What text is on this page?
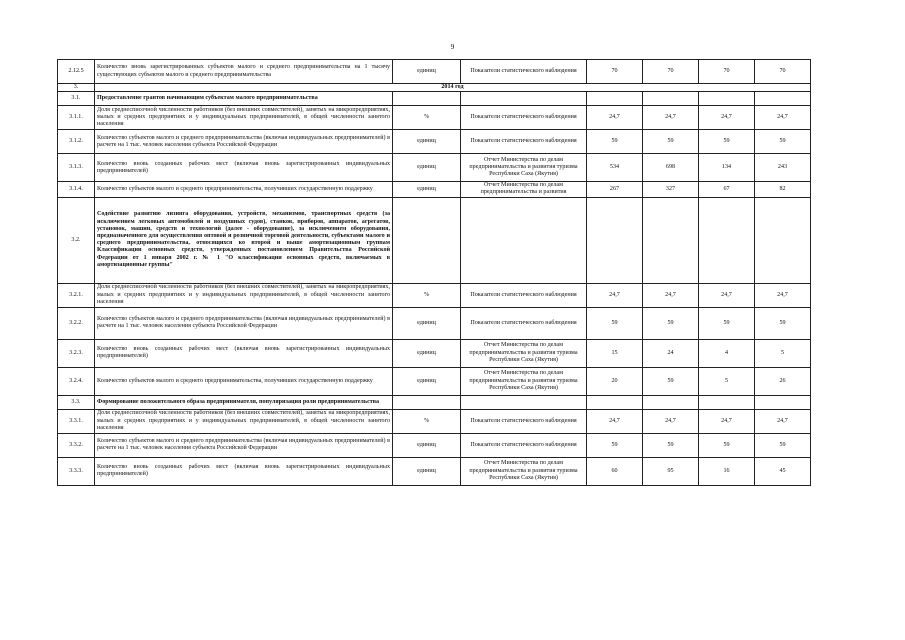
9
2.12.5	Количество вновь зарегистрированных субъектов малого и среднего предпринимательства на 1 тысячу существующих субъектов малого и среднего предпринимательства	единиц	Показатели статистического наблюдения	70	70	70	70
3.	2014 год						
3.1.	Предоставление грантов начинающим субъектам малого предпринимательства						
3.1.1.	Доля среднесписочной численности работников (без внешних совместителей), занятых на микропредприятиях, малых и средних предприятиях и у индивидуальных предпринимателей, в общей численности занятого населения	%	Показатели статистического наблюдения	24,7	24,7	24,7	24,7
3.1.2.	Количество субъектов малого и среднего предпринимательства (включая индивидуальных предпринимателей) в расчете на 1 тыс. человек населения субъекта Российской Федерации	единиц	Показатели статистического наблюдения	59	59	59	59
3.1.3.	Количество вновь созданных рабочих мест (включая вновь зарегистрированных индивидуальных предпринимателей)	единиц	Отчет Министерства по делам предпринимательства и развития туризма Республики Саха (Якутия)	534	698	134	243
3.1.4.	Количество субъектов малого и среднего предпринимательства, получивших государственную поддержку	единиц	Отчет Министерства по делам предпринимательства и развития	267	327	67	82
3.2.	Содействие развитию лизинга оборудования, устройств, механизмов, транспортных средств (за исключением легковых автомобилей и воздушных судов), станков, приборов, аппаратов, агрегатов, установок, машин, средств и технологий (далее - оборудование), за исключением оборудования, предназначенного для осуществления оптовой и розничной торговой деятельности, субъектами малого и среднего предпринимательства, относящихся ко второй и выше амортизационным группам Классификации основных средств, утвержденных постановлением Правительства Российской Федерации от 1 января 2002 г. № 1 "О классификации основных средств, включаемых в амортизационные группы"						
3.2.1.	Доля среднесписочной численности работников (без внешних совместителей), занятых на микропредприятиях, малых и средних предприятиях и у индивидуальных предпринимателей, в общей численности занятого населения	%	Показатели статистического наблюдения	24,7	24,7	24,7	24,7
3.2.2.	Количество субъектов малого и среднего предпринимательства (включая индивидуальных предпринимателей) в расчете на 1 тыс. человек населения субъекта Российской Федерации	единиц	Показатели статистического наблюдения	59	59	59	59
3.2.3.	Количество вновь созданных рабочих мест (включая вновь зарегистрированных индивидуальных предпринимателей)	единиц	Отчет Министерства по делам предпринимательства и развития туризма Республики Саха (Якутия)	15	24	4	5
3.2.4.	Количество субъектов малого и среднего предпринимательства, получивших государственную поддержку	единиц	Отчет Министерства по делам предпринимательства и развития туризма Республики Саха (Якутия)	20	59	5	26
3.3.	Формирование положительного образа предпринимателя, популяризация роли предпринимательства						
3.3.1.	Доля среднесписочной численности работников (без внешних совместителей), занятых на микропредприятиях, малых и средних предприятиях и у индивидуальных предпринимателей, в общей численности занятого населения	%	Показатели статистического наблюдения	24,7	24,7	24,7	24,7
3.3.2.	Количество субъектов малого и среднего предпринимательства (включая индивидуальных предпринимателей) в расчете на 1 тыс. человек населения субъекта Российской Федерации	единиц	Показатели статистического наблюдения	59	59	59	59
3.3.3.	Количество вновь созданных рабочих мест (включая вновь зарегистрированных индивидуальных предпринимателей)	единиц	Отчет Министерства по делам предпринимательства и развития туризма Республики Саха (Якутия)	60	95	16	45
